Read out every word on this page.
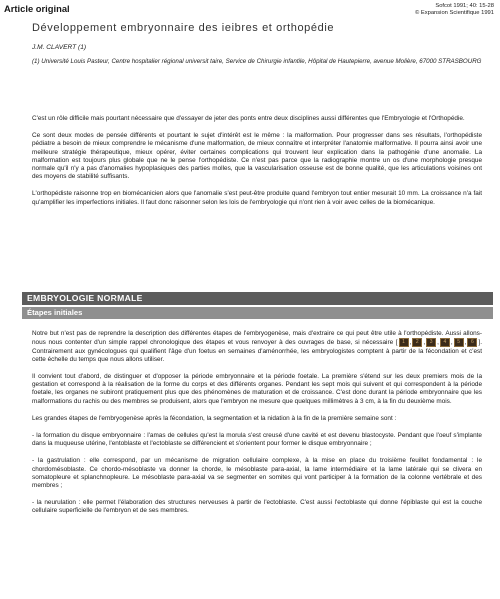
Article original	Sofcot 1991; 40: 15-28
© Expansion Scientifique 1991
Développement embryonnaire des ieibres et orthopédie
J.M. CLAVERT (1)
(1) Université Louis Pasteur, Centre hospitalier régional universit taire, Service de Chirurgie infantile, Hôpital de Hautepierre, avenue Molière, 67000 STRASBOURG

C'est un rôle difficile mais pourtant nécessaire que d'essayer de jeter des ponts entre deux disciplines aussi différentes que l'Embryologie et l'Orthopédie.

Ce sont deux modes de pensée différents et pourtant le sujet d'intérêt est le même : la malformation. Pour progresser dans ses résultats, l'orthopédiste pédiatre a besoin de mieux comprendre le mécanisme d'une malformation, de mieux connaître et interpréter l'anatomie malformative. Il pourra ainsi avoir une meilleure stratégie thérapeutique, mieux opérer, éviter certaines complications qui trouvent leur explication dans la pathogénie d'une anomalie. La malformation est toujours plus globale que ne le pense l'orthopédiste. Ce n'est pas parce que la radiographie montre un os d'une morphologie presque normale qu'il n'y a pas d'anomalies hypoplasiques des parties molles, que la vascularisation osseuse est de bonne qualité, que les articulations voisines ont des moyens de stabilité suffisants.

L'orthopédiste raisonne trop en biomécanicien alors que l'anomalie s'est peut-être produite quand l'embryon tout entier mesurait 10 mm. La croissance n'a fait qu'amplifier les imperfections initiales. Il faut donc raisonner selon les lois de l'embryologie qui n'ont rien à voir avec celles de la biomécanique.

EMBRYOLOGIE NORMALE
Étapes initiales

Notre but n'est pas de reprendre la description des différentes étapes de l'embryogenèse, mais d'extraire ce qui peut être utile à l'orthopédiste. Aussi allons-nous nous contenter d'un simple rappel chronologique des étapes et vous renvoyer à des ouvrages de base, si nécessaire [ 1 , 2 , 3 , 4 , 5 , 6 ]. Contrairement aux gynécologues qui qualifient l'âge d'un foetus en semaines d'aménorrhée, les embryologistes comptent à partir de la fécondation et c'est cette échelle du temps que nous allons utiliser.

Il convient tout d'abord, de distinguer et d'opposer la période embryonnaire et la période foetale. La première s'étend sur les deux premiers mois de la gestation et correspond à la réalisation de la forme du corps et des différents organes. Pendant les sept mois qui suivent et qui correspondent à la période foetale, les organes ne subiront pratiquement plus que des phénomènes de maturation et de croissance. C'est donc durant la période embryonnaire que les malformations du rachis ou des membres se produisent, alors que l'embryon ne mesure que quelques millimètres à 3 cm, à la fin du deuxième mois.

Les grandes étapes de l'embryogenèse après la fécondation, la segmentation et la nidation à la fin de la première semaine sont :

- la formation du disque embryonnaire : l'amas de cellules qu'est la morula s'est creusé d'une cavité et est devenu blastocyste. Pendant que l'oeuf s'implante dans la muqueuse utérine, l'entoblaste et l'ectoblaste se différencient et s'orientent pour former le disque embryonnaire ;

- la gastrulation : elle correspond, par un mécanisme de migration cellulaire complexe, à la mise en place du troisième feuillet fondamental : le chordomésoblaste. Ce chordo-mésoblaste va donner la chorde, le mésoblaste para-axial, la lame intermédiaire et la lame latérale qui se clivera en somatopleure et splanchnopleure. Le mésoblaste para-axial va se segmenter en somites qui vont participer à la formation de la colonne vertébrale et des membres ;

- la neurulation : elle permet l'élaboration des structures nerveuses à partir de l'ectoblaste. C'est aussi l'ectoblaste qui donne l'épiblaste qui est la couche cellulaire superficielle de l'embryon et de ses membres.
